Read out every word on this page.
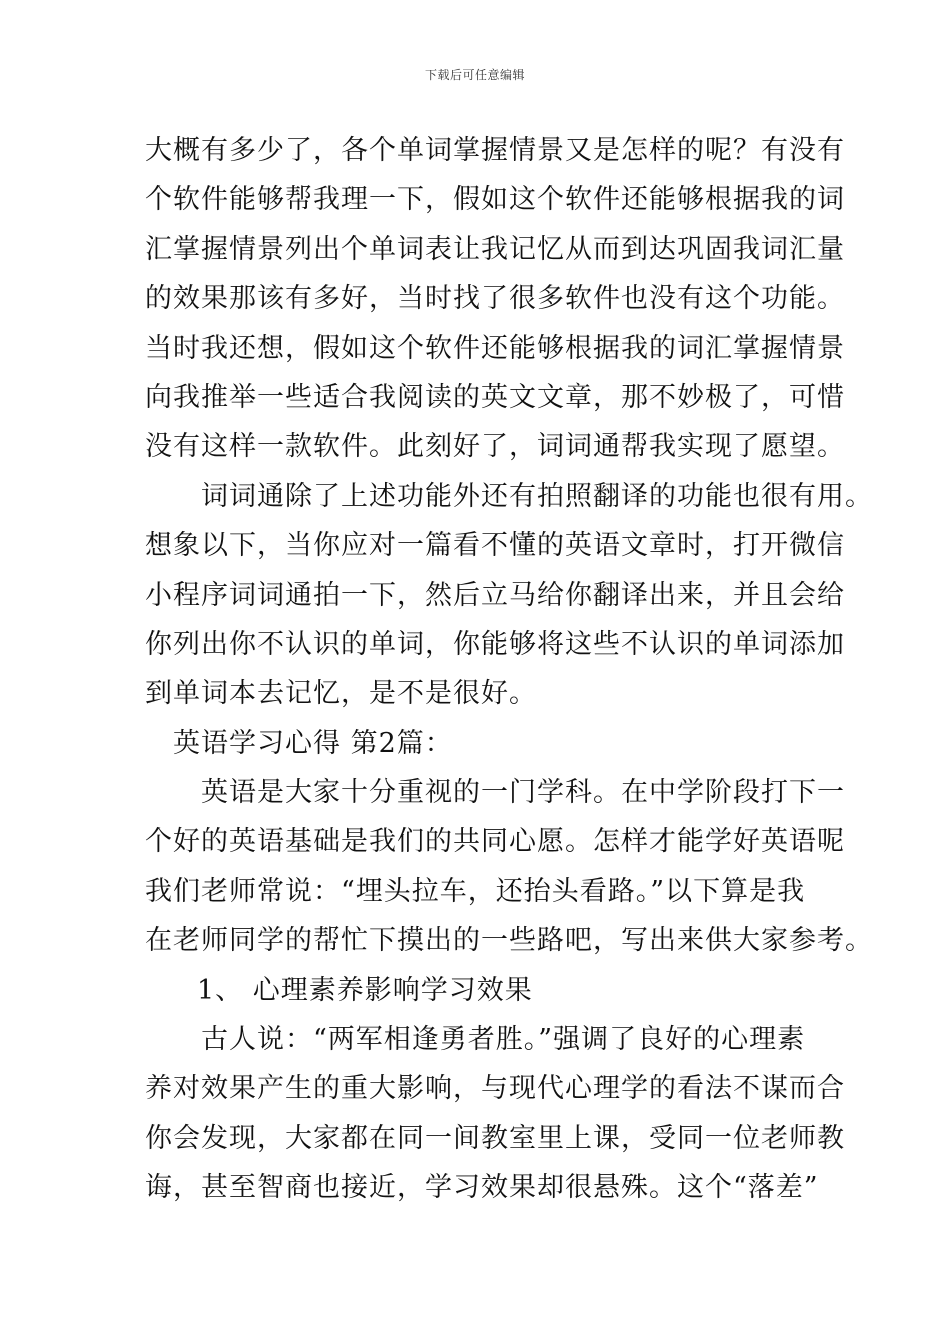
下载后可任意编辑
大概有多少了，各个单词掌握情景又是怎样的呢？有没有
个软件能够帮我理一下，假如这个软件还能够根据我的词
汇掌握情景列出个单词表让我记忆从而到达巩固我词汇量
的效果那该有多好，当时找了很多软件也没有这个功能。
当时我还想，假如这个软件还能够根据我的词汇掌握情景
向我推举一些适合我阅读的英文文章，那不妙极了，可惜
没有这样一款软件。此刻好了，词词通帮我实现了愿望。
词词通除了上述功能外还有拍照翻译的功能也很有用。
想象以下，当你应对一篇看不懂的英语文章时，打开微信
小程序词词通拍一下，然后立马给你翻译出来，并且会给
你列出你不认识的单词，你能够将这些不认识的单词添加
到单词本去记忆，是不是很好。
英语学习心得 第2篇：
英语是大家十分重视的一门学科。在中学阶段打下一
个好的英语基础是我们的共同心愿。怎样才能学好英语呢
我们老师常说：“埋头拉车，还抬头看路。”以下算是我
在老师同学的帮忙下摸出的一些路吧，写出来供大家参考。
1、 心理素养影响学习效果
古人说：“两军相逢勇者胜。”强调了良好的心理素
养对效果产生的重大影响，与现代心理学的看法不谋而合
你会发现，大家都在同一间教室里上课，受同一位老师教
诲，甚至智商也接近，学习效果却很悬殊。这个“落差”
